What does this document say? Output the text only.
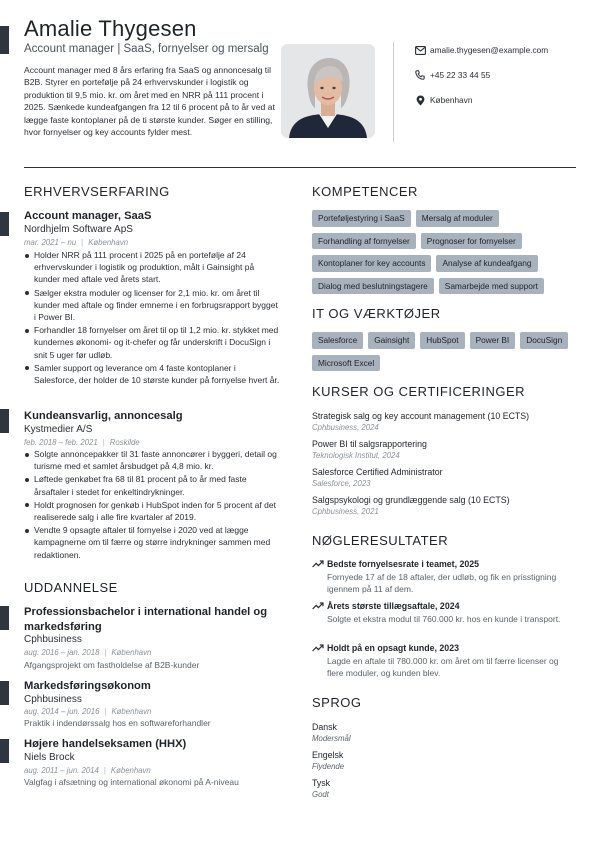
Amalie Thygesen
Account manager | SaaS, fornyelser og mersalg
Account manager med 8 års erfaring fra SaaS og annoncesalg til B2B. Styrer en portefølje på 24 erhvervskunder i logistik og produktion til 9,5 mio. kr. om året med en NRR på 111 procent i 2025. Sænkede kundeafgangen fra 12 til 6 procent på to år ved at lægge faste kontoplaner på de ti største kunder. Søger en stilling, hvor fornyelser og key accounts fylder mest.
amalie.thygesen@example.com
+45 22 33 44 55
København
ERHVERVSERFARING
Account manager, SaaS
Nordhjelm Software ApS
mar. 2021 – nu | København
Holder NRR på 111 procent i 2025 på en portefølje af 24 erhvervskunder i logistik og produktion, målt i Gainsight på kunder med aftale ved årets start.
Sælger ekstra moduler og licenser for 2,1 mio. kr. om året til kunder med aftale og finder emnerne i en forbrugsrapport bygget i Power BI.
Forhandler 18 fornyelser om året til op til 1,2 mio. kr. stykket med kundernes økonomi- og it-chefer og får underskrift i DocuSign i snit 5 uger før udløb.
Samler support og leverance om 4 faste kontoplaner i Salesforce, der holder de 10 største kunder på fornyelse hvert år.
Kundeansvarlig, annoncesalg
Kystmedier A/S
feb. 2018 – feb. 2021 | Roskilde
Solgte annoncepakker til 31 faste annoncører i byggeri, detail og turisme med et samlet årsbudget på 4,8 mio. kr.
Løftede genkøbet fra 68 til 81 procent på to år med faste årsaftaler i stedet for enkeltindrykninger.
Holdt prognosen for genkøb i HubSpot inden for 5 procent af det realiserede salg i alle fire kvartaler af 2019.
Vendte 9 opsagte aftaler til fornyelse i 2020 ved at lægge kampagnerne om til færre og større indrykninger sammen med redaktionen.
UDDANNELSE
Professionsbachelor i international handel og markedsføring
Cphbusiness
aug. 2016 – jan. 2018 | København
Afgangsprojekt om fastholdelse af B2B-kunder
Markedsføringsøkonom
Cphbusiness
aug. 2014 – jun. 2016 | København
Praktik i indendørssalg hos en softwareforhandler
Højere handelseksamen (HHX)
Niels Brock
aug. 2011 – jun. 2014 | København
Valgfag i afsætning og international økonomi på A-niveau
KOMPETENCER
Porteføljestyring i SaaS	Mersalg af moduler
Forhandling af fornyelser	Prognoser for fornyelser
Kontoplaner for key accounts	Analyse af kundeafgang
Dialog med beslutningstagere	Samarbejde med support
IT OG VÆRKTØJER
Salesforce	Gainsight	HubSpot	Power BI	DocuSign
Microsoft Excel
KURSER OG CERTIFICERINGER
Strategisk salg og key account management (10 ECTS)
Cphbusiness, 2024
Power BI til salgsrapportering
Teknologisk Institut, 2024
Salesforce Certified Administrator
Salesforce, 2023
Salgspsykologi og grundlæggende salg (10 ECTS)
Cphbusiness, 2021
NØGLERESULTATER
Bedste fornyelsesrate i teamet, 2025
Fornyede 17 af de 18 aftaler, der udløb, og fik en prisstigning igennem på 11 af dem.
Årets største tillægsaftale, 2024
Solgte et ekstra modul til 760.000 kr. hos en kunde i transport.
Holdt på en opsagt kunde, 2023
Lagde en aftale til 780.000 kr. om året om til færre licenser og flere moduler, og kunden blev.
SPROG
Dansk
Modersmål
Engelsk
Flydende
Tysk
Godt
